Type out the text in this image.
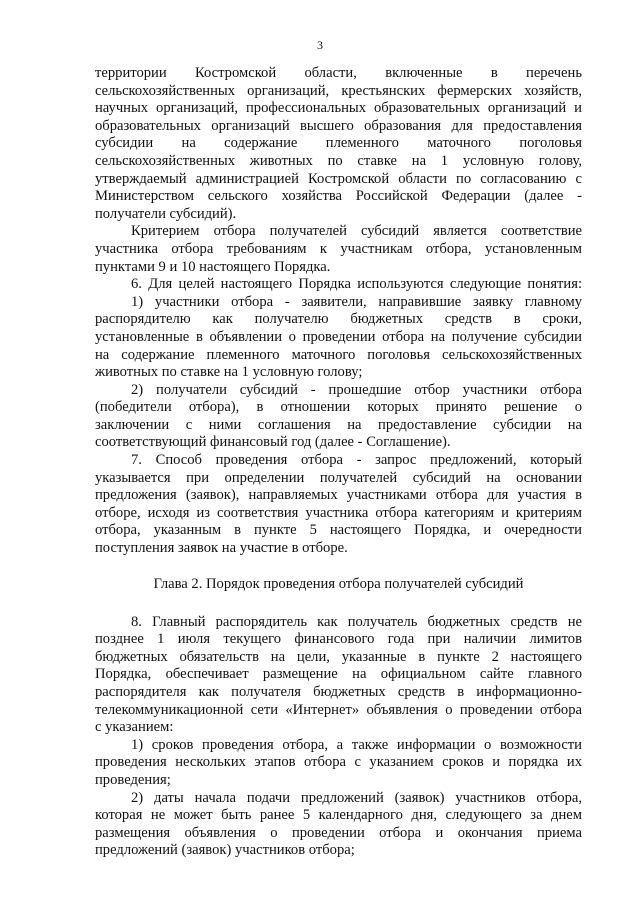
3
территории Костромской области, включенные в перечень
сельскохозяйственных организаций, крестьянских фермерских хозяйств,
научных организаций, профессиональных образовательных организаций и
образовательных организаций высшего образования для предоставления
субсидии на содержание племенного маточного поголовья
сельскохозяйственных животных по ставке на 1 условную голову,
утверждаемый администрацией Костромской области по согласованию с
Министерством сельского хозяйства Российской Федерации (далее -
получатели субсидий).
Критерием отбора получателей субсидий является соответствие
участника отбора требованиям к участникам отбора, установленным
пунктами 9 и 10 настоящего Порядка.
6. Для целей настоящего Порядка используются следующие понятия:
1) участники отбора - заявители, направившие заявку главному
распорядителю как получателю бюджетных средств в сроки,
установленные в объявлении о проведении отбора на получение субсидии
на содержание племенного маточного поголовья сельскохозяйственных
животных по ставке на 1 условную голову;
2) получатели субсидий - прошедшие отбор участники отбора
(победители отбора), в отношении которых принято решение о
заключении с ними соглашения на предоставление субсидии на
соответствующий финансовый год (далее - Соглашение).
7. Способ проведения отбора - запрос предложений, который
указывается при определении получателей субсидий на основании
предложения (заявок), направляемых участниками отбора для участия в
отборе, исходя из соответствия участника отбора категориям и критериям
отбора, указанным в пункте 5 настоящего Порядка, и очередности
поступления заявок на участие в отборе.
Глава 2. Порядок проведения отбора получателей субсидий
8. Главный распорядитель как получатель бюджетных средств не
позднее 1 июля текущего финансового года при наличии лимитов
бюджетных обязательств на цели, указанные в пункте 2 настоящего
Порядка, обеспечивает размещение на официальном сайте главного
распорядителя как получателя бюджетных средств в информационно-
телекоммуникационной сети «Интернет» объявления о проведении отбора
с указанием:
1) сроков проведения отбора, а также информации о возможности
проведения нескольких этапов отбора с указанием сроков и порядка их
проведения;
2) даты начала подачи предложений (заявок) участников отбора,
которая не может быть ранее 5 календарного дня, следующего за днем
размещения объявления о проведении отбора и окончания приема
предложений (заявок) участников отбора;
